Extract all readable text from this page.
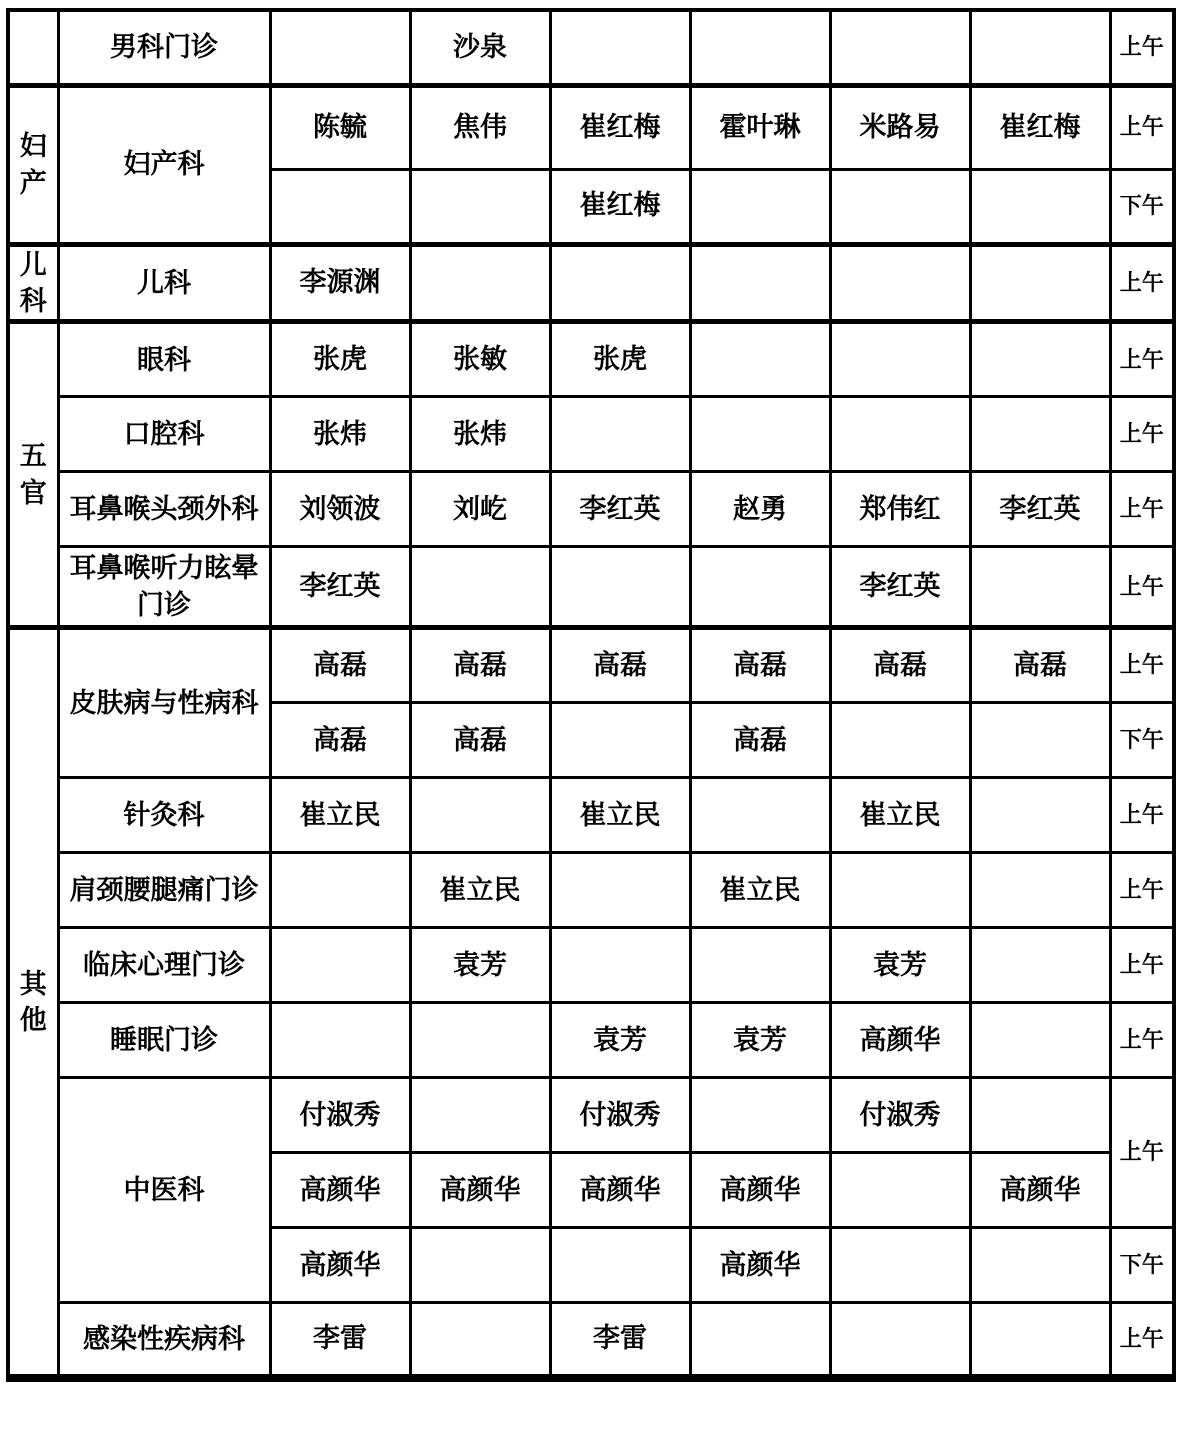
	男科门诊		沙泉					上午
妇产	妇产科	陈毓	焦伟	崔红梅	霍叶琳	米路易	崔红梅	上午
				崔红梅				下午
儿科	儿科	李源渊						上午
五官	眼科	张虎	张敏	张虎				上午
	口腔科	张炜	张炜					上午
	耳鼻喉头颈外科	刘领波	刘屹	李红英	赵勇	郑伟红	李红英	上午
	耳鼻喉听力眩晕门诊	李红英				李红英		上午
其他	皮肤病与性病科	高磊	高磊	高磊	高磊	高磊	高磊	上午
		高磊	高磊		高磊			下午
	针灸科	崔立民		崔立民		崔立民		上午
	肩颈腰腿痛门诊		崔立民		崔立民			上午
	临床心理门诊		袁芳			袁芳		上午
	睡眠门诊			袁芳	袁芳	高颜华		上午
	中医科	付淑秀		付淑秀		付淑秀		上午
		高颜华	高颜华	高颜华	高颜华		高颜华	
		高颜华			高颜华			下午
	感染性疾病科	李雷		李雷				上午
